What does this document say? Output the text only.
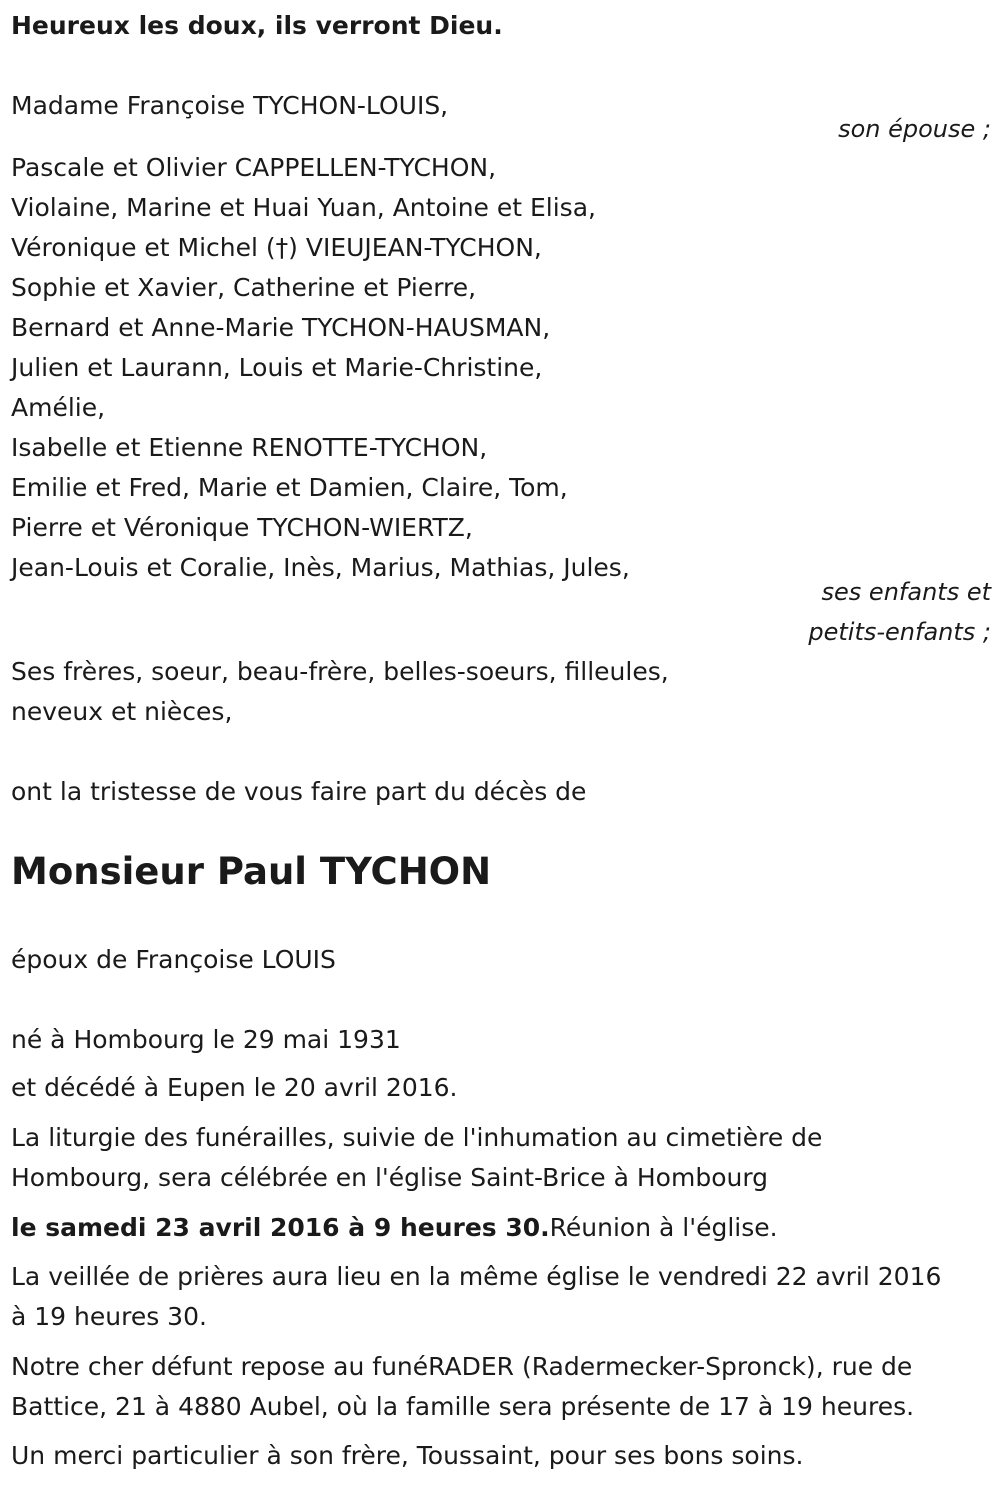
Heureux les doux, ils verront Dieu.
Madame Françoise TYCHON-LOUIS,
son épouse ;
Pascale et Olivier CAPPELLEN-TYCHON,
Violaine, Marine et Huai Yuan, Antoine et Elisa,
Véronique et Michel (†) VIEUJEAN-TYCHON,
Sophie et Xavier, Catherine et Pierre,
Bernard et Anne-Marie TYCHON-HAUSMAN,
Julien et Laurann, Louis et Marie-Christine,
Amélie,
Isabelle et Etienne RENOTTE-TYCHON,
Emilie et Fred, Marie et Damien, Claire, Tom,
Pierre et Véronique TYCHON-WIERTZ,
Jean-Louis et Coralie, Inès, Marius, Mathias, Jules,
ses enfants et
petits-enfants ;
Ses frères, soeur, beau-frère, belles-soeurs, filleules,
neveux et nièces,
ont la tristesse de vous faire part du décès de
Monsieur Paul TYCHON
époux de Françoise LOUIS
né à Hombourg le 29 mai 1931
et décédé à Eupen le 20 avril 2016.
La liturgie des funérailles, suivie de l'inhumation au cimetière de
Hombourg, sera célébrée en l'église Saint-Brice à Hombourg
le samedi 23 avril 2016 à 9 heures 30.Réunion à l'église.
La veillée de prières aura lieu en la même église le vendredi 22 avril 2016
à 19 heures 30.
Notre cher défunt repose au funéRADER (Radermecker-Spronck), rue de
Battice, 21 à 4880 Aubel, où la famille sera présente de 17 à 19 heures.
Un merci particulier à son frère, Toussaint, pour ses bons soins.
